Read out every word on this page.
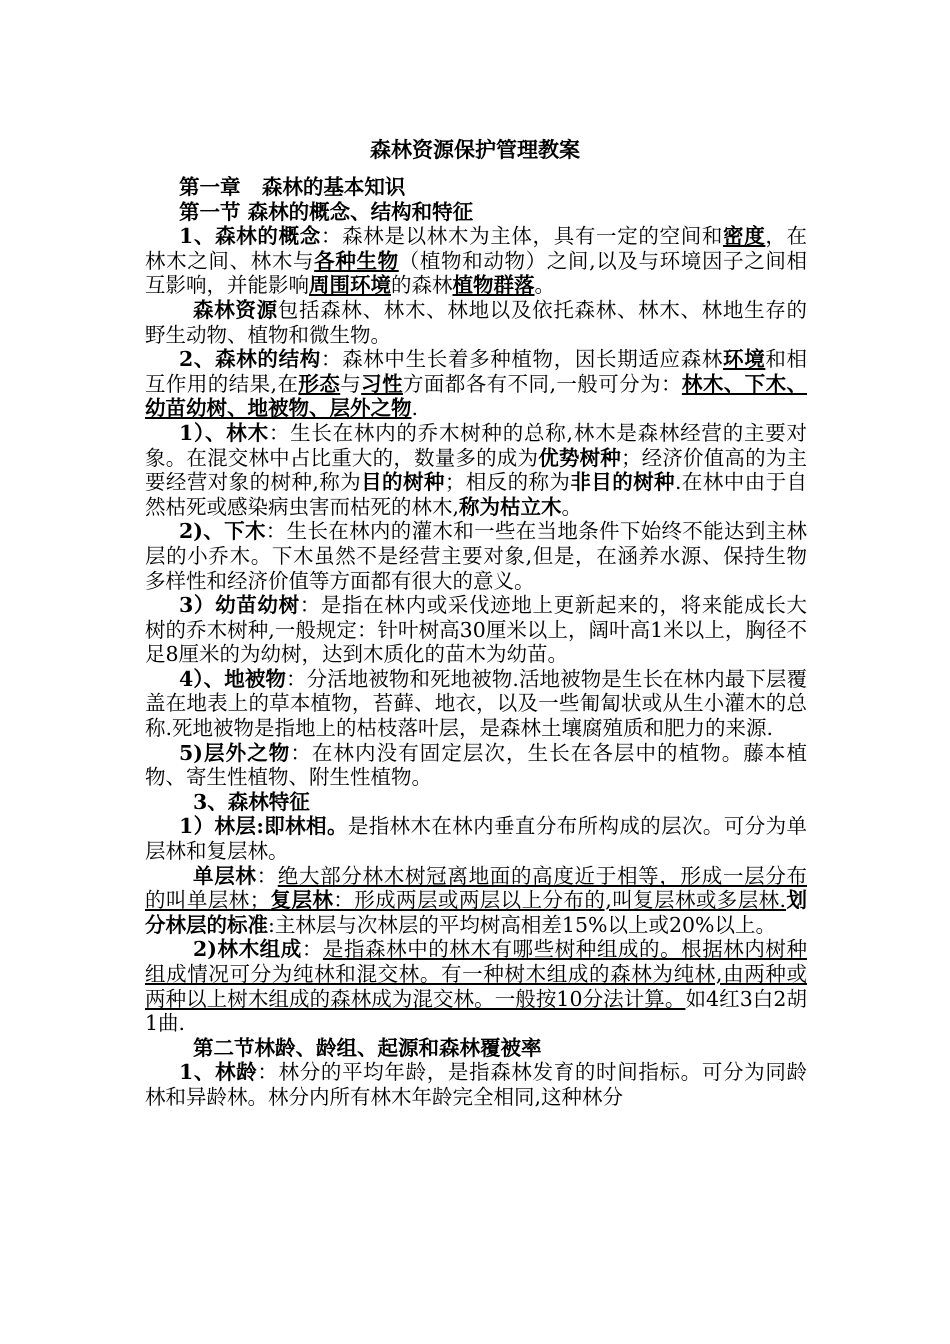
森林资源保护管理教案

第一章   森林的基本知识

第一节 森林的概念、结构和特征

1、森林的概念：森林是以林木为主体，具有一定的空间和密度，在林木之间、林木与各种生物（植物和动物）之间,以及与环境因子之间相互影响，并能影响周围环境的森林植物群落。

森林资源包括森林、林木、林地以及依托森林、林木、林地生存的野生动物、植物和微生物。

2、森林的结构：森林中生长着多种植物，因长期适应森林环境和相互作用的结果,在形态与习性方面都各有不同,一般可分为：林木、下木、幼苗幼树、地被物、层外之物.

1）、林木：生长在林内的乔木树种的总称,林木是森林经营的主要对象。在混交林中占比重大的，数量多的成为优势树种；经济价值高的为主要经营对象的树种,称为目的树种；相反的称为非目的树种.在林中由于自然枯死或感染病虫害而枯死的林木,称为枯立木。

2)、下木：生长在林内的灌木和一些在当地条件下始终不能达到主林层的小乔木。下木虽然不是经营主要对象,但是，在涵养水源、保持生物多样性和经济价值等方面都有很大的意义。

3）幼苗幼树：是指在林内或采伐迹地上更新起来的，将来能成长大树的乔木树种,一般规定：针叶树高30厘米以上，阔叶高1米以上，胸径不足8厘米的为幼树，达到木质化的苗木为幼苗。

4）、地被物：分活地被物和死地被物.活地被物是生长在林内最下层覆盖在地表上的草本植物，苔藓、地衣，以及一些匍匐状或从生小灌木的总称.死地被物是指地上的枯枝落叶层，是森林土壤腐殖质和肥力的来源.

5)层外之物：在林内没有固定层次，生长在各层中的植物。藤本植物、寄生性植物、附生性植物。

3、森林特征

1）林层:即林相。是指林木在林内垂直分布所构成的层次。可分为单层林和复层林。

单层林：绝大部分林木树冠离地面的高度近于相等，形成一层分布的叫单层林；复层林：形成两层或两层以上分布的,叫复层林或多层林.划分林层的标准:主林层与次林层的平均树高相差15%以上或20%以上。

2)林木组成：是指森林中的林木有哪些树种组成的。根据林内树种组成情况可分为纯林和混交林。有一种树木组成的森林为纯林,由两种或两种以上树木组成的森林成为混交林。一般按10分法计算。如4红3白2胡1曲.

第二节林龄、龄组、起源和森林覆被率

1、林龄：林分的平均年龄，是指森林发育的时间指标。可分为同龄林和异龄林。林分内所有林木年龄完全相同,这种林分
